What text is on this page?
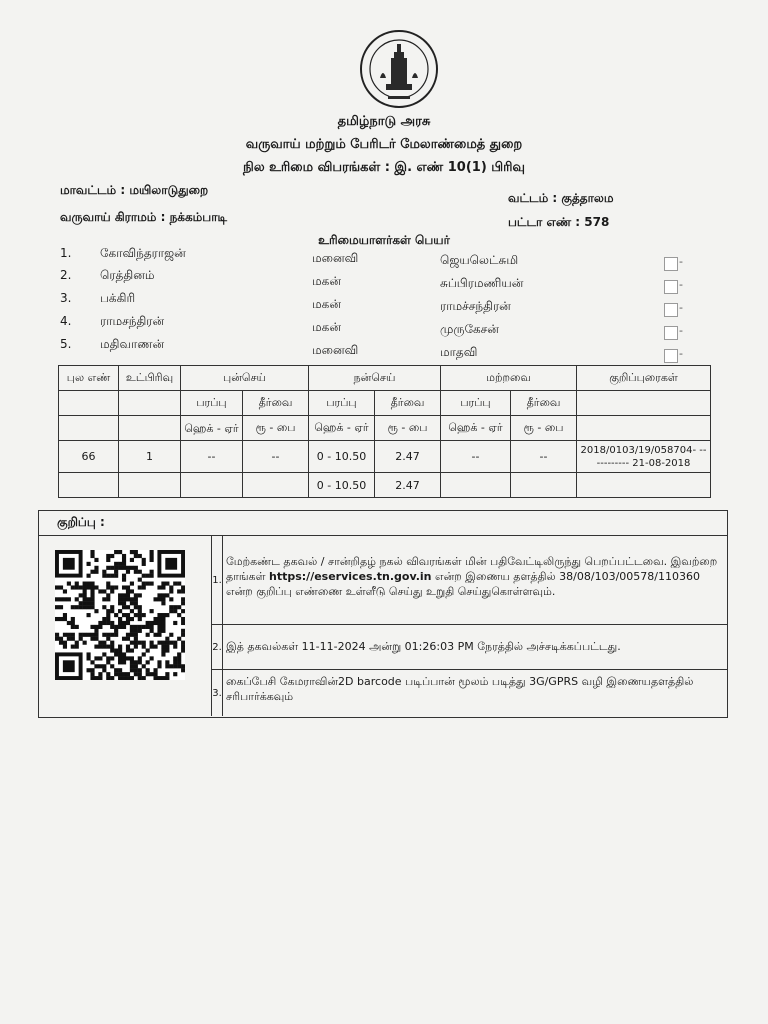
தமிழ்நாடு அரசு
வருவாய் மற்றும் பேரிடர் மேலாண்மைத் துறை
நில உரிமை விபரங்கள் : இ. எண் 10(1) பிரிவு
மாவட்டம் : மயிலாடுதுறை
வட்டம் : குத்தாலம
வருவாய் கிராமம் : நக்கம்பாடி	பட்டா எண் : 578
உரிமையாளர்கள் பெயர்
1. கோவிந்தராஜன்	மனைவி	ஜெயலெட்சுமி
-
2. ரெத்தினம்	மகன்	சுப்பிரமணியன்
-
3. பக்கிரி	மகன்	ராமச்சந்திரன்
-
4. ராமசந்திரன்	மகன்	முருகேசன்
-
5. மதிவாணன்	மனைவி	மாதவி
-
புல எண்	உட்பிரிவு	புன்செய்		நன்செய்		மற்றவை		குறிப்புரைகள்
		பரப்பு	தீர்வை	பரப்பு	தீர்வை	பரப்பு	தீர்வை	
		ஹெக் - ஏர்	ரூ - பை	ஹெக் - ஏர்	ரூ - பை	ஹெக் - ஏர்	ரூ - பை	
66	1	--	--	0 - 10.50	2.47	--	--	2018/0103/19/058704- -- --------- 21-08-2018
				0 - 10.50	2.47			
குறிப்பு :
1.
மேற்கண்ட தகவல் / சான்றிதழ் நகல் விவரங்கள் மின் பதிவேட்டிலிருந்து பெறப்பட்டவை. இவற்றை தாங்கள் https://eservices.tn.gov.in என்ற இணைய தளத்தில் 38/08/103/00578/110360 என்ற குறிப்பு எண்ணை உள்ளீடு செய்து உறுதி செய்துகொள்ளவும்.
2. இத் தகவல்கள் 11-11-2024 அன்று 01:26:03 PM நேரத்தில் அச்சடிக்கப்பட்டது.
3.
கைப்பேசி கேமராவின்2D barcode படிப்பான் மூலம் படித்து 3G/GPRS வழி இணையதளத்தில் சரிபார்க்கவும்
